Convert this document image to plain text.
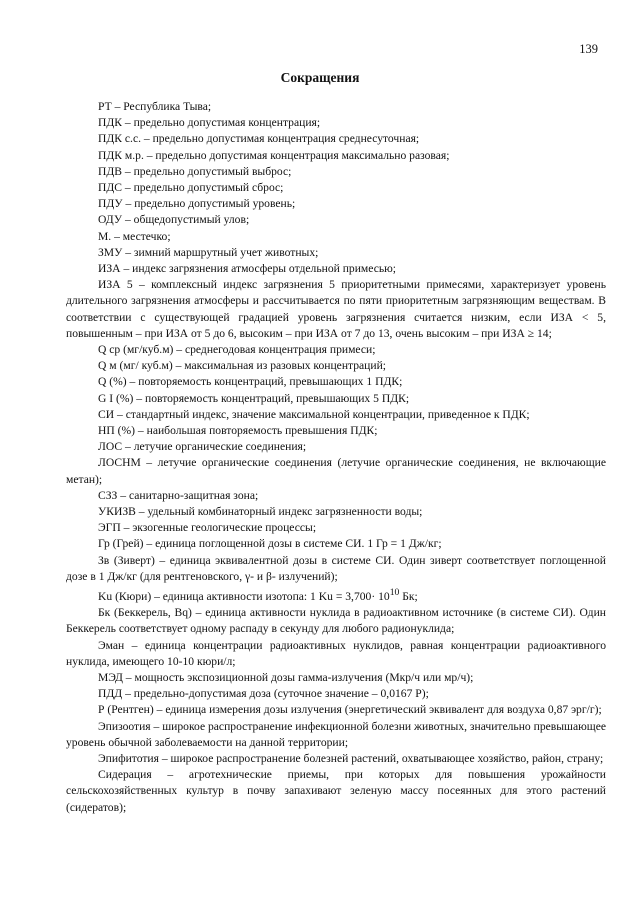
139
Сокращения

РТ – Республика Тыва;

ПДК – предельно допустимая концентрация;

ПДК с.с. – предельно допустимая концентрация среднесуточная;

ПДК м.р. – предельно допустимая концентрация максимально разовая;

ПДВ – предельно допустимый выброс;

ПДС – предельно допустимый сброс;

ПДУ – предельно допустимый уровень;

ОДУ – общедопустимый улов;

М. – местечко;

ЗМУ – зимний маршрутный учет животных;

ИЗА – индекс загрязнения атмосферы отдельной примесью;

ИЗА 5 – комплексный индекс загрязнения 5 приоритетными примесями, характеризует уровень длительного загрязнения атмосферы и рассчитывается по пяти приоритетным загрязняющим веществам. В соответствии с существующей градацией уровень загрязнения считается низким, если ИЗА < 5, повышенным – при ИЗА от 5 до 6, высоким – при ИЗА от 7 до 13, очень высоким – при ИЗА ≥ 14;

Q ср (мг/куб.м) – среднегодовая концентрация примеси;

Q м (мг/ куб.м) – максимальная из разовых концентраций;

Q (%) – повторяемость концентраций, превышающих 1 ПДК;

G I (%) – повторяемость концентраций, превышающих 5 ПДК;

СИ – стандартный индекс, значение максимальной концентрации, приведенное к ПДК;

НП (%) – наибольшая повторяемость превышения ПДК;

ЛОС – летучие органические соединения;

ЛОСНМ – летучие органические соединения (летучие органические соединения, не включающие метан);

СЗЗ – санитарно-защитная зона;

УКИЗВ – удельный комбинаторный индекс загрязненности воды;

ЭГП – экзогенные геологические процессы;

Гр (Грей) – единица поглощенной дозы в системе СИ. 1 Гр = 1 Дж/кг;

Зв (Зиверт) – единица эквивалентной дозы в системе СИ. Один зиверт соответствует поглощенной дозе в 1 Дж/кг (для рентгеновского, γ- и β- излучений);

Ku (Кюри) – единица активности изотопа: 1 $Ku = 3,700\cdot 10^{10}$ Бк;

Бк (Беккерель, Bq) – единица активности нуклида в радиоактивном источнике (в системе СИ). Один Беккерель соответствует одному распаду в секунду для любого радионуклида;

Эман – единица концентрации радиоактивных нуклидов, равная концентрации радиоактивного нуклида, имеющего 10-10 кюри/л;

МЭД – мощность экспозиционной дозы гамма-излучения (Мкр/ч или мр/ч);

ПДД – предельно-допустимая доза (суточное значение – 0,0167 Р);

Р (Рентген) – единица измерения дозы излучения (энергетический эквивалент для воздуха 0,87 эрг/г);

Эпизоотия – широкое распространение инфекционной болезни животных, значительно превышающее уровень обычной заболеваемости на данной территории;

Эпифитотия – широкое распространение болезней растений, охватывающее хозяйство, район, страну;

Сидерация – агротехнические приемы, при которых для повышения урожайности сельскохозяйственных культур в почву запахивают зеленую массу посеянных для этого растений (сидератов);
